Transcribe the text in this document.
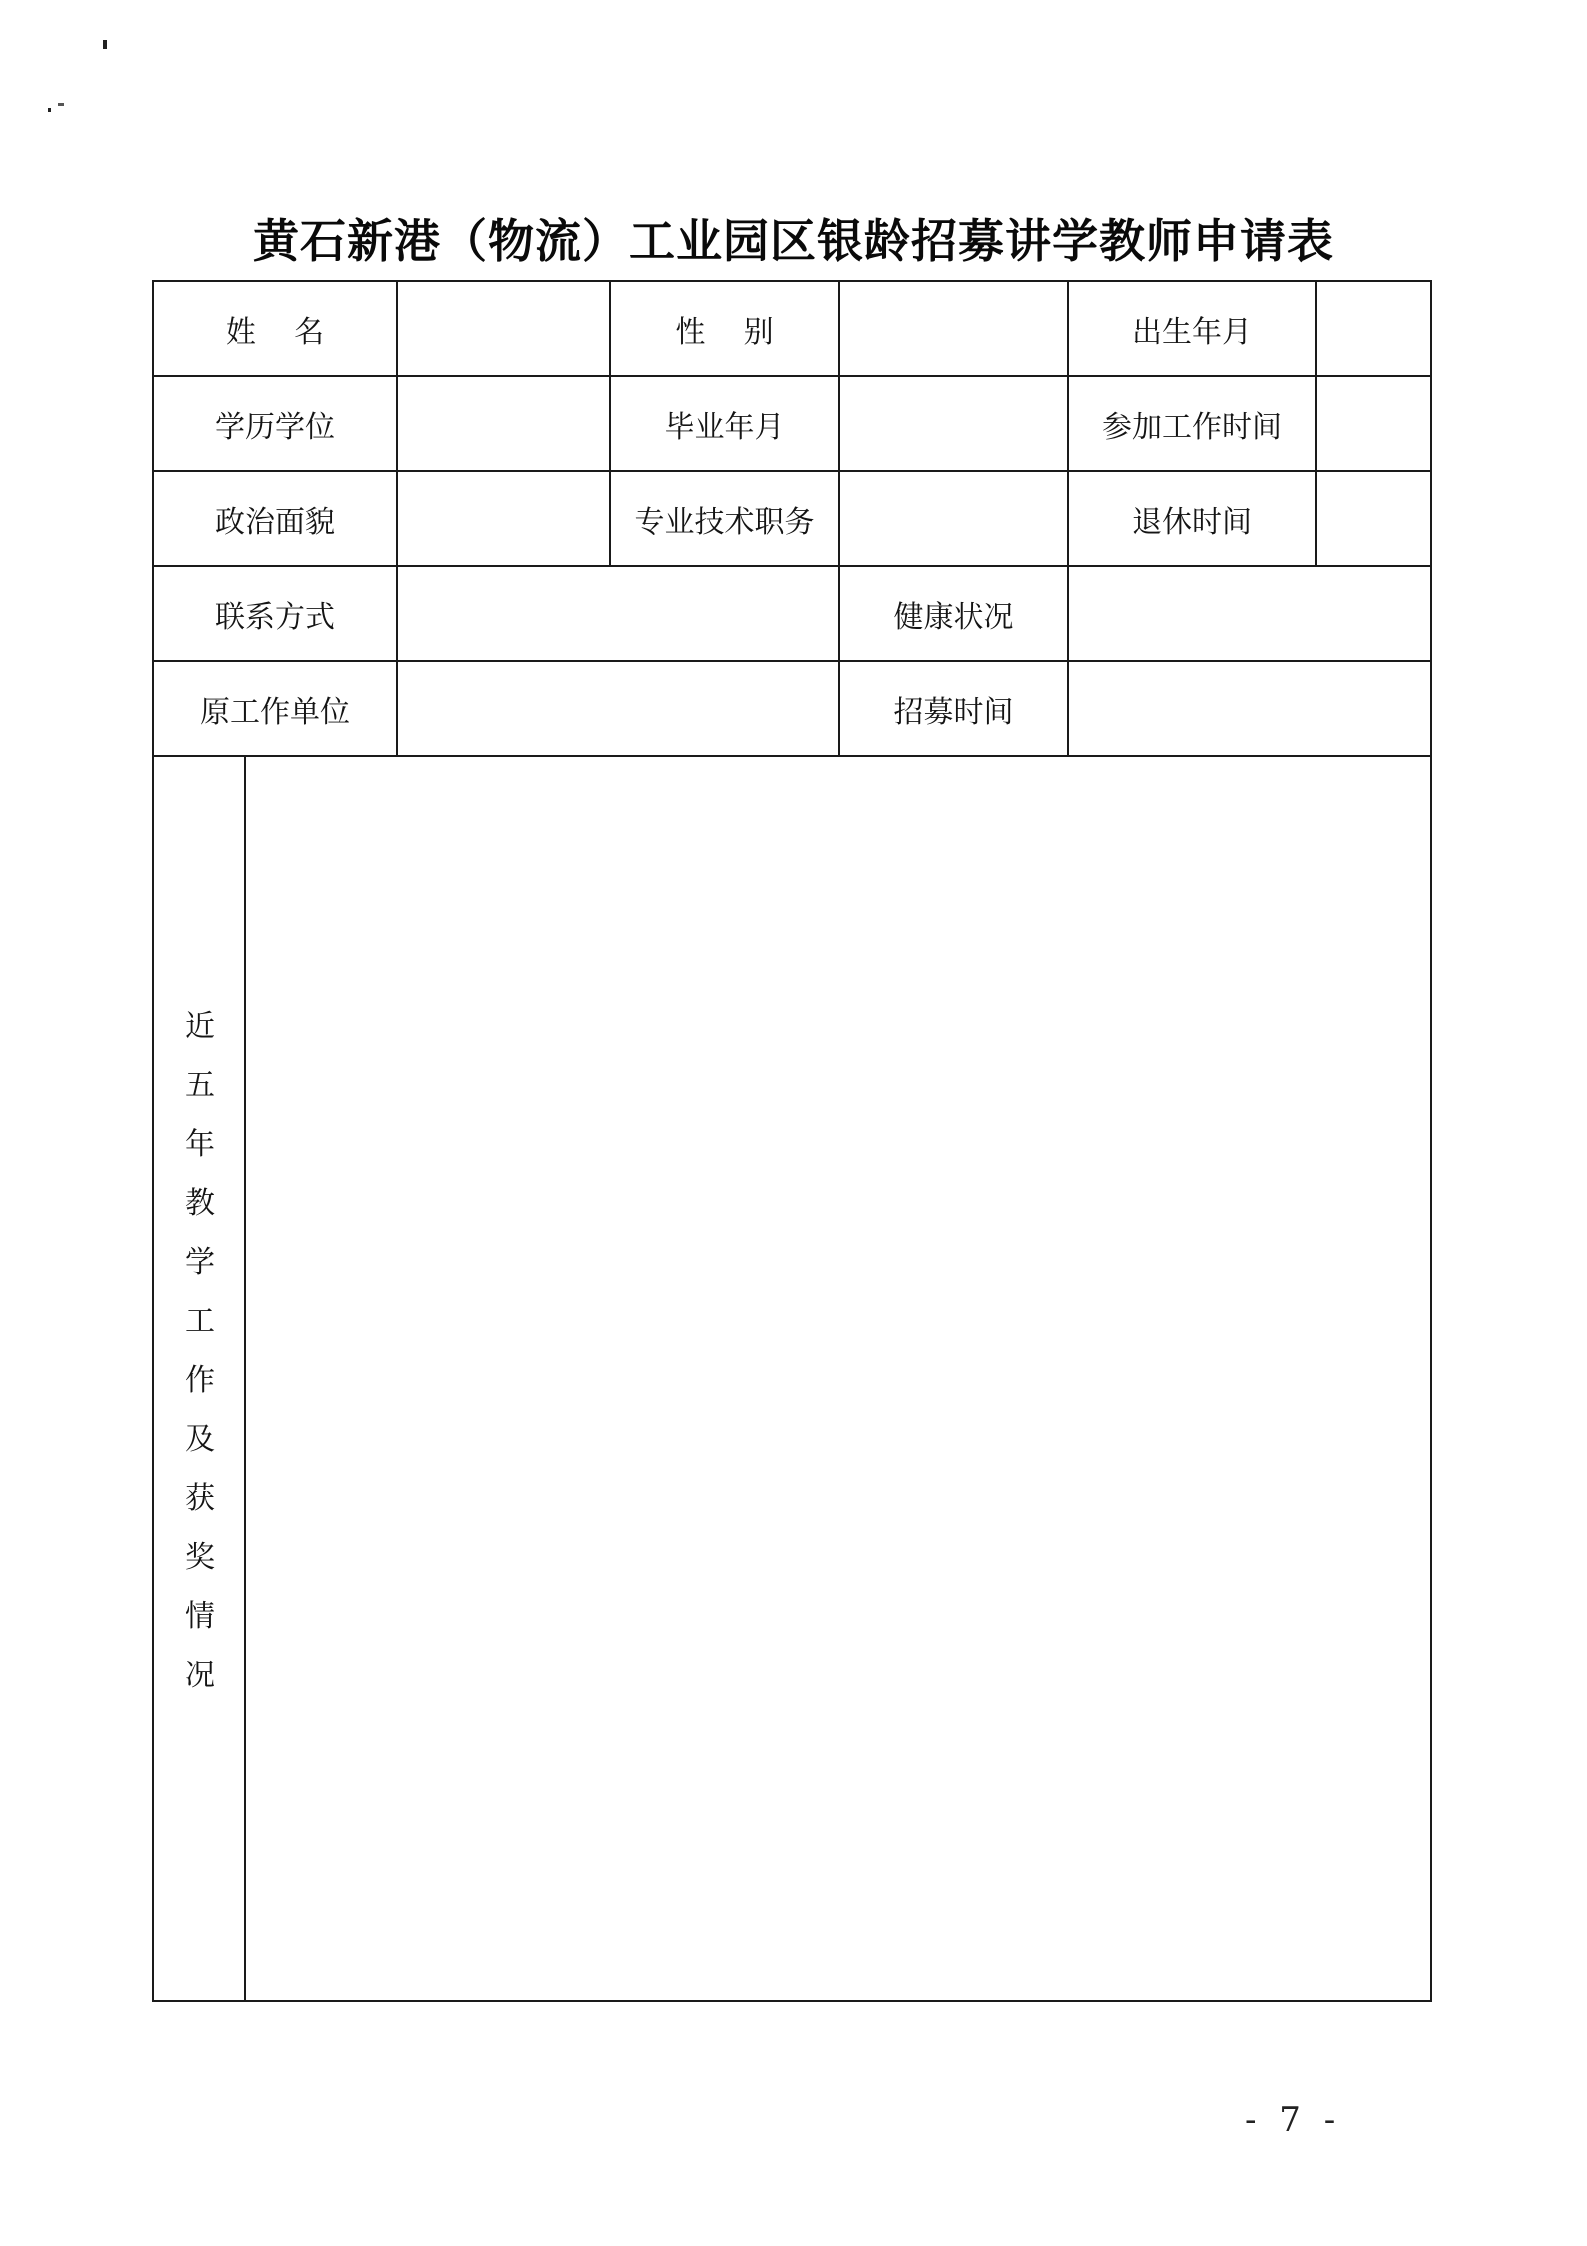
黄石新港（物流）工业园区银龄招募讲学教师申请表
姓    名	性    别	出生年月
学历学位	毕业年月	参加工作时间
政治面貌	专业技术职务	退休时间
联系方式	健康状况
原工作单位	招募时间
近
五
年
教
学
工
作
及
获
奖
情
况
- 7 -
